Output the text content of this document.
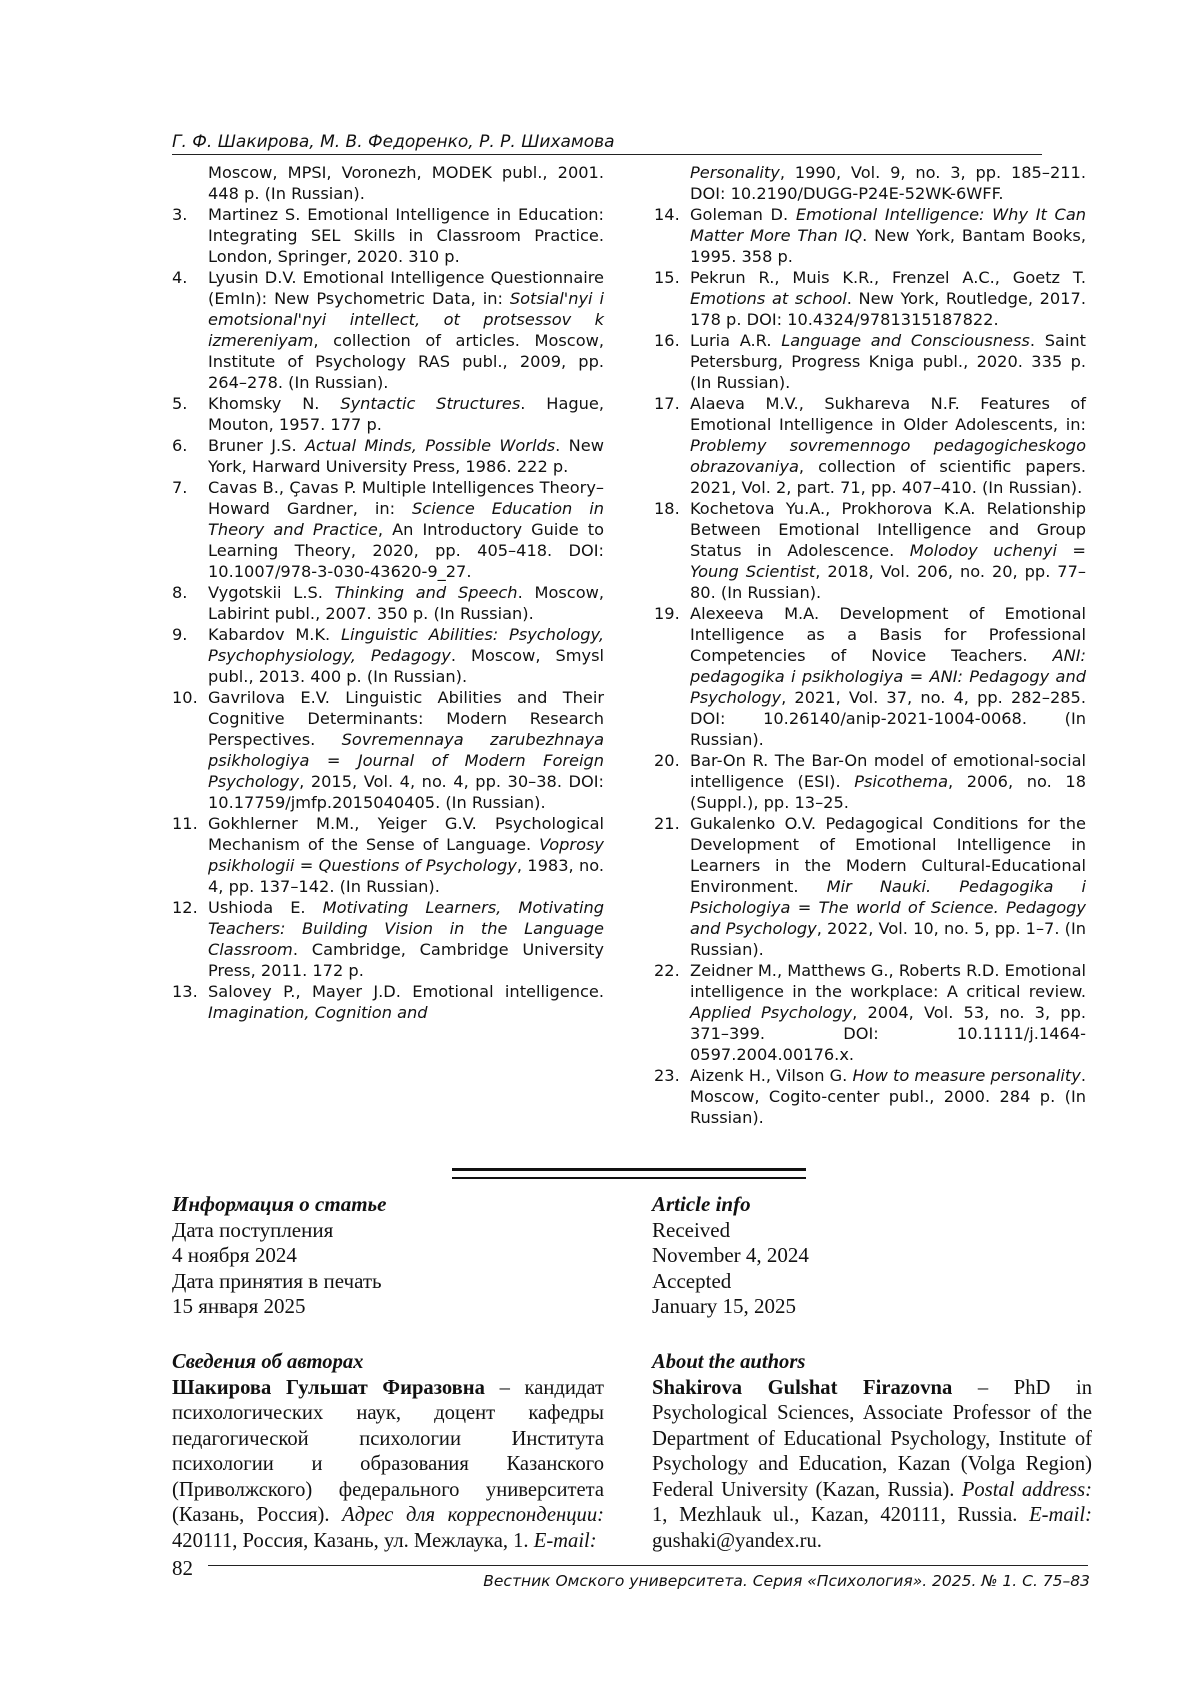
Г. Ф. Шакирова, М. В. Федоренко, Р. Р. Шихамова
Moscow, MPSI, Voronezh, MODEK publ., 2001. 448 p. (In Russian).
3.	Martinez S. Emotional Intelligence in Education: Integrating SEL Skills in Classroom Practice. London, Springer, 2020. 310 p.
4.	Lyusin D.V. Emotional Intelligence Questionnaire (EmIn): New Psychometric Data, in: Sotsial'nyi i emotsional'nyi intellect, ot protsessov k izmereniyam, collection of articles. Moscow, Institute of Psychology RAS publ., 2009, pp. 264–278. (In Russian).
5.	Khomsky N. Syntactic Structures. Hague, Mouton, 1957. 177 p.
6.	Bruner J.S. Actual Minds, Possible Worlds. New York, Harward University Press, 1986. 222 p.
7.	Cavas B., Çavas P. Multiple Intelligences Theory–Howard Gardner, in: Science Education in Theory and Practice, An Introductory Guide to Learning Theory, 2020, pp. 405–418. DOI: 10.1007/978-3-030-43620-9_27.
8.	Vygotskii L.S. Thinking and Speech. Moscow, Labirint publ., 2007. 350 p. (In Russian).
9.	Kabardov M.K. Linguistic Abilities: Psychology, Psychophysiology, Pedagogy. Moscow, Smysl publ., 2013. 400 p. (In Russian).
10. Gavrilova E.V. Linguistic Abilities and Their Cognitive Determinants: Modern Research Perspectives. Sovremennaya zarubezhnaya psikhologiya = Journal of Modern Foreign Psychology, 2015, Vol. 4, no. 4, pp. 30–38. DOI: 10.17759/jmfp.2015040405. (In Russian).
11. Gokhlerner M.M., Yeiger G.V. Psychological Mechanism of the Sense of Language. Voprosy psikhologii = Questions of Psychology, 1983, no. 4, pp. 137–142. (In Russian).
12. Ushioda E. Motivating Learners, Motivating Teachers: Building Vision in the Language Classroom. Cambridge, Cambridge University Press, 2011. 172 p.
13. Salovey P., Mayer J.D. Emotional intelligence. Imagination, Cognition and
Personality, 1990, Vol. 9, no. 3, pp. 185–211. DOI: 10.2190/DUGG-P24E-52WK-6WFF.
14. Goleman D. Emotional Intelligence: Why It Can Matter More Than IQ. New York, Bantam Books, 1995. 358 p.
15. Pekrun R., Muis K.R., Frenzel A.C., Goetz T. Emotions at school. New York, Routledge, 2017. 178 p. DOI: 10.4324/9781315187822.
16. Luria A.R. Language and Consciousness. Saint Petersburg, Progress Kniga publ., 2020. 335 p. (In Russian).
17. Alaeva M.V., Sukhareva N.F. Features of Emotional Intelligence in Older Adolescents, in: Problemy sovremennogo pedagogicheskogo obrazovaniya, collection of scientific papers. 2021, Vol. 2, part. 71, pp. 407–410. (In Russian).
18. Kochetova Yu.A., Prokhorova K.A. Relationship Between Emotional Intelligence and Group Status in Adolescence. Molodoy uchenyi = Young Scientist, 2018, Vol. 206, no. 20, pp. 77–80. (In Russian).
19. Alexeeva M.A. Development of Emotional Intelligence as a Basis for Professional Competencies of Novice Teachers. ANI: pedagogika i psikhologiya = ANI: Pedagogy and Psychology, 2021, Vol. 37, no. 4, pp. 282–285. DOI: 10.26140/anip-2021-1004-0068. (In Russian).
20. Bar-On R. The Bar-On model of emotional-social intelligence (ESI). Psicothema, 2006, no. 18 (Suppl.), pp. 13–25.
21. Gukalenko O.V. Pedagogical Conditions for the Development of Emotional Intelligence in Learners in the Modern Cultural-Educational Environment. Mir Nauki. Pedagogika i Psichologiya = The world of Science. Pedagogy and Psychology, 2022, Vol. 10, no. 5, pp. 1–7. (In Russian).
22. Zeidner M., Matthews G., Roberts R.D. Emotional intelligence in the workplace: A critical review. Applied Psychology, 2004, Vol. 53, no. 3, pp. 371–399. DOI: 10.1111/j.1464-0597.2004.00176.x.
23. Aizenk H., Vilson G. How to measure personality. Moscow, Cogito-center publ., 2000. 284 p. (In Russian).
Информация о статье
Дата поступления
4 ноября 2024
Дата принятия в печать
15 января 2025
Article info
Received
November 4, 2024
Accepted
January 15, 2025
Сведения об авторах
Шакирова Гульшат Фиразовна – кандидат психологических наук, доцент кафедры педагогической психологии Института психологии и образования Казанского (Приволжского) федерального университета (Казань, Россия). Адрес для корреспонденции: 420111, Россия, Казань, ул. Межлаука, 1. E-mail:
About the authors
Shakirova Gulshat Firazovna – PhD in Psychological Sciences, Associate Professor of the Department of Educational Psychology, Institute of Psychology and Education, Kazan (Volga Region) Federal University (Kazan, Russia). Postal address: 1, Mezhlauk ul., Kazan, 420111, Russia. E-mail: gushaki@yandex.ru.
82
Вестник Омского университета. Серия «Психология». 2025. № 1. С. 75–83
